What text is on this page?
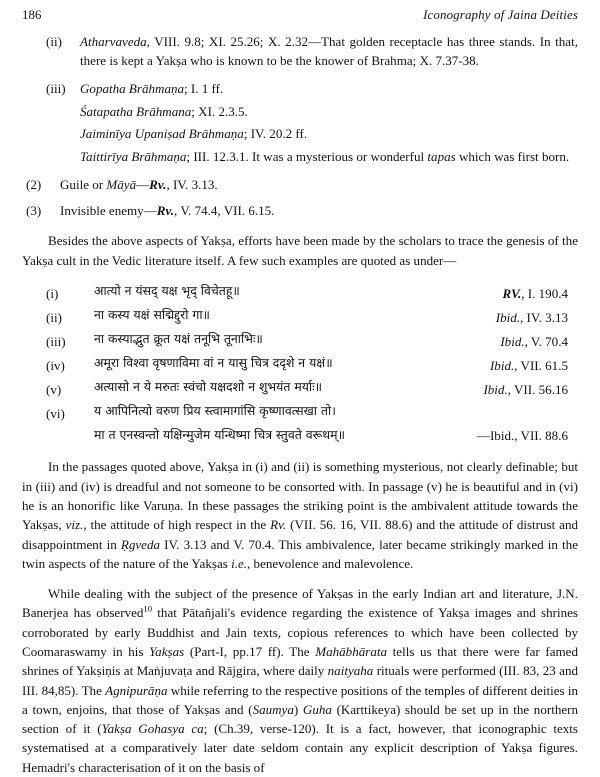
186	Iconography of Jaina Deities
(ii)	Atharvaveda, VIII. 9.8; XI. 25.26; X. 2.32—That golden receptacle has three stands. In that, there is kept a Yakṣa who is known to be the knower of Brahma; X. 7.37-38.
(iii)	Gopatha Brāhmaṇa; I. 1 ff.
Śatapatha Brāhmana; XI. 2.3.5.
Jaiminīya Upaniṣad Brāhmaṇa; IV. 20.2 ff.
Taittirīya Brāhmaṇa; III. 12.3.1. It was a mysterious or wonderful tapas which was first born.
(2)	Guile or Māyā—Rv., IV. 3.13.
(3)	Invisible enemy—Rv., V. 74.4, VII. 6.15.

Besides the above aspects of Yakṣa, efforts have been made by the scholars to trace the genesis of the Yakṣa cult in the Vedic literature itself. A few such examples are quoted as under—

(i)	आत्यो न यंसद् यक्ष भृद् विचेतहू॥	RV., I. 190.4
(ii)	ना कस्य यक्षं सद्मिद्दुरो गा॥	Ibid., IV. 3.13
(iii)	ना कस्याद्भुत क्रूत यक्षं तनूभि तूनाभिः॥	Ibid., V. 70.4
(iv)	अमूरा विश्वा वृषणाविमा वां न यासु चित्र ददृशे न यक्षं॥	Ibid., VII. 61.5
(v)	अत्यासो न ये मरुतः स्वंचो यक्षदशो न शुभयंत मर्याः॥	Ibid., VII. 56.16
(vi)	य आपिनित्यो वरुण प्रिय स्त्वामागांसि कृष्णावत्सखा तो।
मा त एनस्वन्तो यक्षिन्मुजेम यन्धिष्मा चित्र स्तुवते वरूथम्॥	—Ibid., VII. 88.6

In the passages quoted above, Yakṣa in (i) and (ii) is something mysterious, not clearly definable; but in (iii) and (iv) is dreadful and not someone to be consorted with. In passage (v) he is beautiful and in (vi) he is an honorific like Varuṇa. In these passages the striking point is the ambivalent attitude towards the Yakṣas, viz., the attitude of high respect in the Rv. (VII. 56. 16, VII. 88.6) and the attitude of distrust and disappointment in Ṛgveda IV. 3.13 and V. 70.4. This ambivalence, later became strikingly marked in the twin aspects of the nature of the Yakṣas i.e., benevolence and malevolence.

While dealing with the subject of the presence of Yakṣas in the early Indian art and literature, J.N. Banerjea has observed$^{10}$ that Pātañjali's evidence regarding the existence of Yakṣa images and shrines corroborated by early Buddhist and Jain texts, copious references to which have been collected by Coomaraswamy in his Yakṣas (Part-I, pp.17 ff). The Mahābhārata tells us that there were far famed shrines of Yakṣiṇis at Maṅjuvaṭa and Rājgira, where daily naityaha rituals were performed (III. 83, 23 and III. 84,85). The Agnipurāṇa while referring to the respective positions of the temples of different deities in a town, enjoins, that those of Yakṣas and (Saumya) Guha (Karttikeya) should be set up in the northern section of it (Yakṣa Gohasya ca; (Ch.39, verse-120). It is a fact, however, that iconographic texts systematised at a comparatively later date seldom contain any explicit description of Yakṣa figures. Hemadri's characterisation of it on the basis of
